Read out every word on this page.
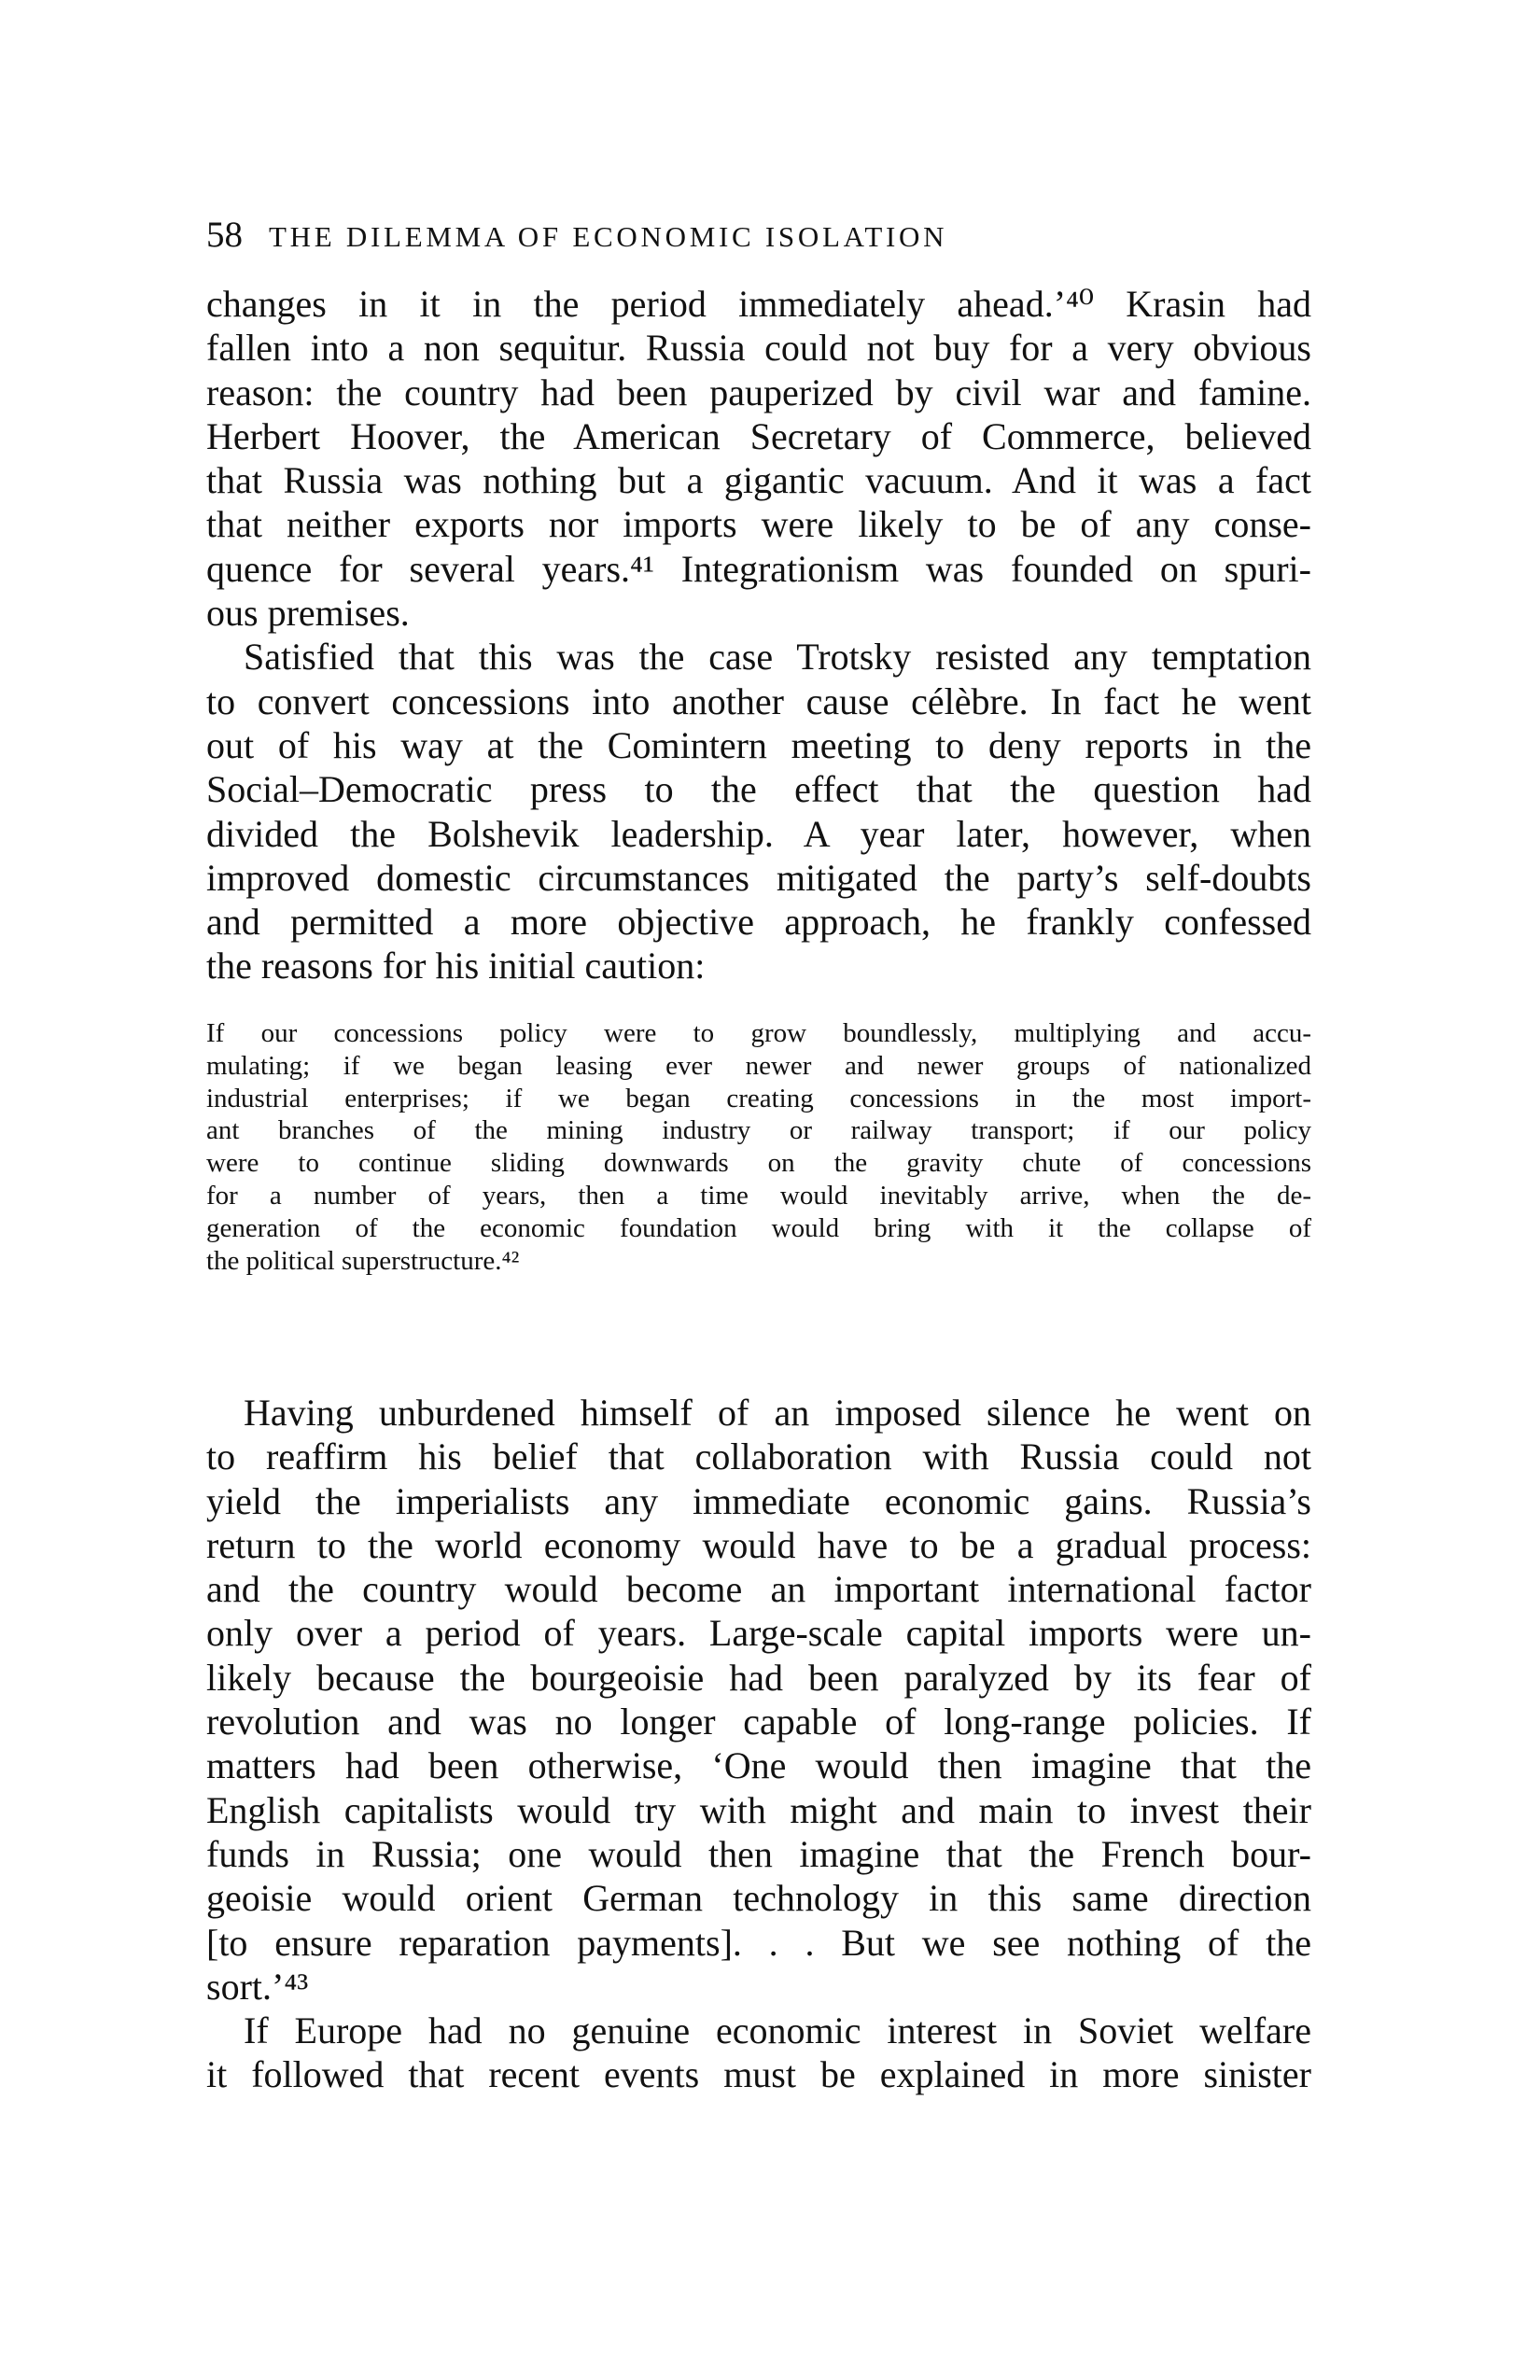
58 THE DILEMMA OF ECONOMIC ISOLATION
changes in it in the period immediately ahead.’⁴⁰ Krasin had
fallen into a non sequitur. Russia could not buy for a very obvious
reason: the country had been pauperized by civil war and famine.
Herbert Hoover, the American Secretary of Commerce, believed
that Russia was nothing but a gigantic vacuum. And it was a fact
that neither exports nor imports were likely to be of any conse-
quence for several years.⁴¹ Integrationism was founded on spuri-
ous premises.
Satisfied that this was the case Trotsky resisted any temptation
to convert concessions into another cause célèbre. In fact he went
out of his way at the Comintern meeting to deny reports in the
Social–Democratic press to the effect that the question had
divided the Bolshevik leadership. A year later, however, when
improved domestic circumstances mitigated the party’s self-doubts
and permitted a more objective approach, he frankly confessed
the reasons for his initial caution:
If our concessions policy were to grow boundlessly, multiplying and accu-
mulating; if we began leasing ever newer and newer groups of nationalized
industrial enterprises; if we began creating concessions in the most import-
ant branches of the mining industry or railway transport; if our policy
were to continue sliding downwards on the gravity chute of concessions
for a number of years, then a time would inevitably arrive, when the de-
generation of the economic foundation would bring with it the collapse of
the political superstructure.⁴²
Having unburdened himself of an imposed silence he went on
to reaffirm his belief that collaboration with Russia could not
yield the imperialists any immediate economic gains. Russia’s
return to the world economy would have to be a gradual process:
and the country would become an important international factor
only over a period of years. Large-scale capital imports were un-
likely because the bourgeoisie had been paralyzed by its fear of
revolution and was no longer capable of long-range policies. If
matters had been otherwise, ‘One would then imagine that the
English capitalists would try with might and main to invest their
funds in Russia; one would then imagine that the French bour-
geoisie would orient German technology in this same direction
[to ensure reparation payments]. . . But we see nothing of the
sort.’⁴³
If Europe had no genuine economic interest in Soviet welfare
it followed that recent events must be explained in more sinister
